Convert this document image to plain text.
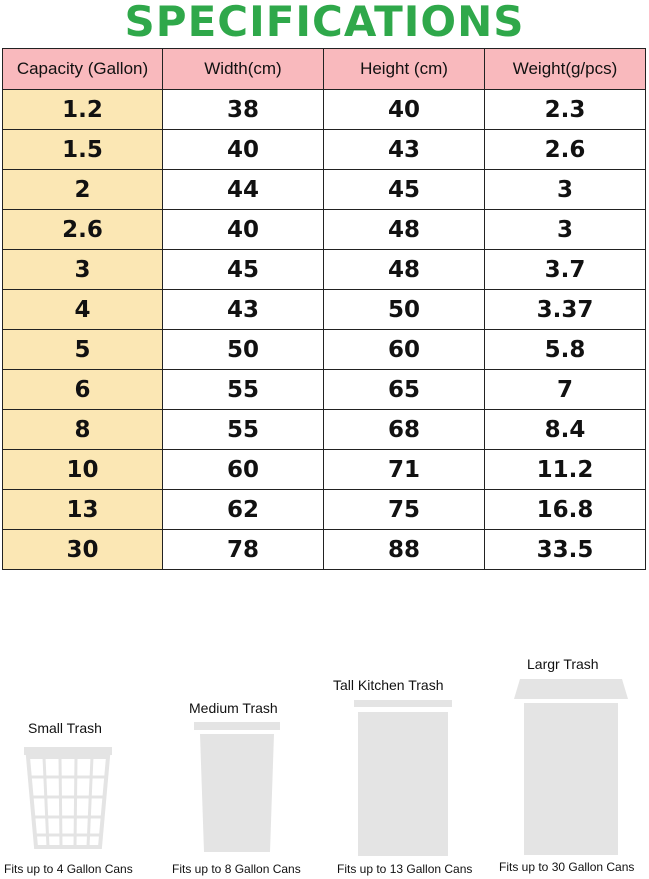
SPECIFICATIONS
Capacity (Gallon)	Width(cm)	Height (cm)	Weight(g/pcs)
1.2	38	40	2.3
1.5	40	43	2.6
2	44	45	3
2.6	40	48	3
3	45	48	3.7
4	43	50	3.37
5	50	60	5.8
6	55	65	7
8	55	68	8.4
10	60	71	11.2
13	62	75	16.8
30	78	88	33.5
Small Trash
Fits up to 4 Gallon Cans
Medium Trash
Fits up to 8 Gallon Cans
Tall Kitchen Trash
Fits up to 13 Gallon Cans
Largr Trash
Fits up to 30 Gallon Cans
